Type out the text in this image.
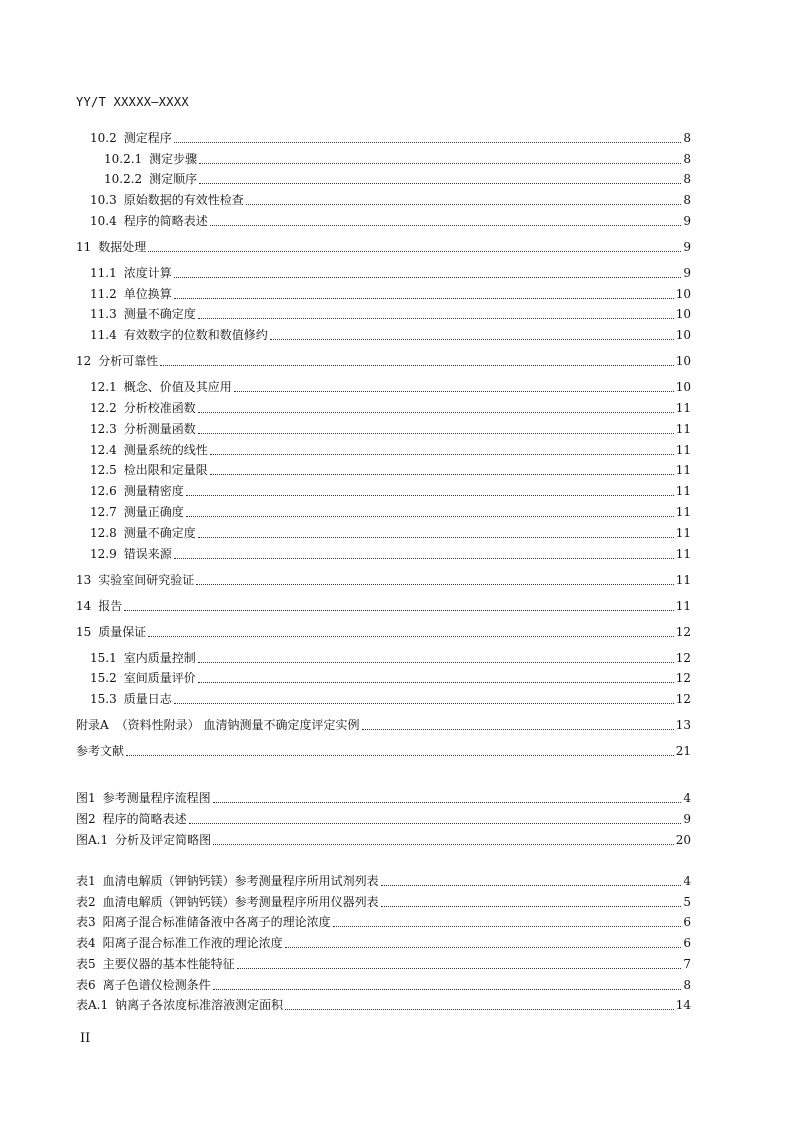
YY/T XXXXX—XXXX
10.2 测定程序	8
10.2.1 测定步骤	8
10.2.2 测定顺序	8
10.3 原始数据的有效性检查	8
10.4 程序的简略表述	9
11 数据处理	9
11.1 浓度计算	9
11.2 单位换算	10
11.3 测量不确定度	10
11.4 有效数字的位数和数值修约	10
12 分析可靠性	10
12.1 概念、价值及其应用	10
12.2 分析校准函数	11
12.3 分析测量函数	11
12.4 测量系统的线性	11
12.5 检出限和定量限	11
12.6 测量精密度	11
12.7 测量正确度	11
12.8 测量不确定度	11
12.9 错误来源	11
13 实验室间研究验证	11
14 报告	11
15 质量保证	12
15.1 室内质量控制	12
15.2 室间质量评价	12
15.3 质量日志	12
附录A （资料性附录） 血清钠测量不确定度评定实例	13
参考文献	21
图1 参考测量程序流程图	4
图2 程序的简略表述	9
图A.1 分析及评定简略图	20
表1 血清电解质（钾钠钙镁）参考测量程序所用试剂列表	4
表2 血清电解质（钾钠钙镁）参考测量程序所用仪器列表	5
表3 阳离子混合标准储备液中各离子的理论浓度	6
表4 阳离子混合标准工作液的理论浓度	6
表5 主要仪器的基本性能特征	7
表6 离子色谱仪检测条件	8
表A.1 钠离子各浓度标准溶液测定面积	14
II
